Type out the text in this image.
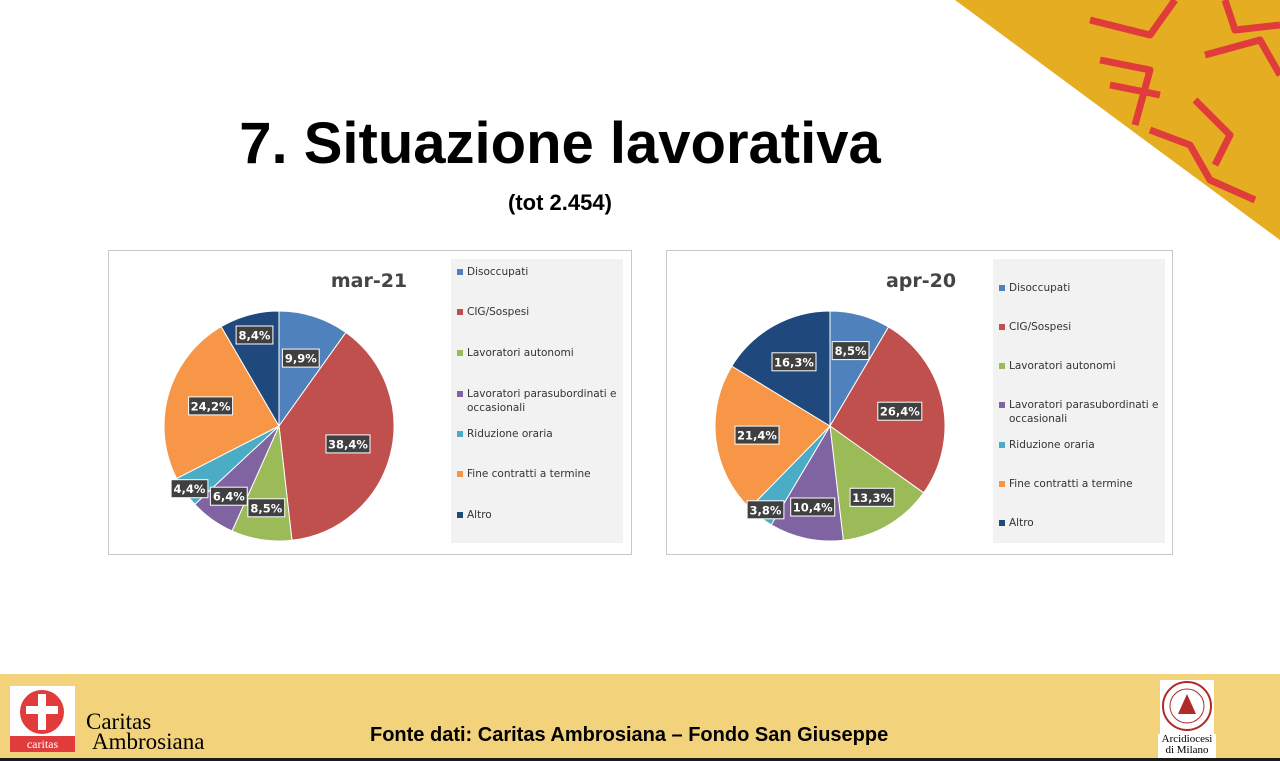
7. Situazione lavorativa
(tot 2.454)
mar-21
9,9%
38,4%
8,5%
6,4%
4,4%
24,2%
8,4%
Disoccupati
CIG/Sospesi
Lavoratori autonomi
Lavoratori parasubordinati e occasionali
Riduzione oraria
Fine contratti a termine
Altro
apr-20
8,5%
26,4%
13,3%
10,4%
3,8%
21,4%
16,3%
Disoccupati
CIG/Sospesi
Lavoratori autonomi
Lavoratori parasubordinati e occasionali
Riduzione oraria
Fine contratti a termine
Altro
caritas
Caritas
Ambrosiana	Fonte dati: Caritas Ambrosiana – Fondo San Giuseppe	Arcidiocesi
di Milano
